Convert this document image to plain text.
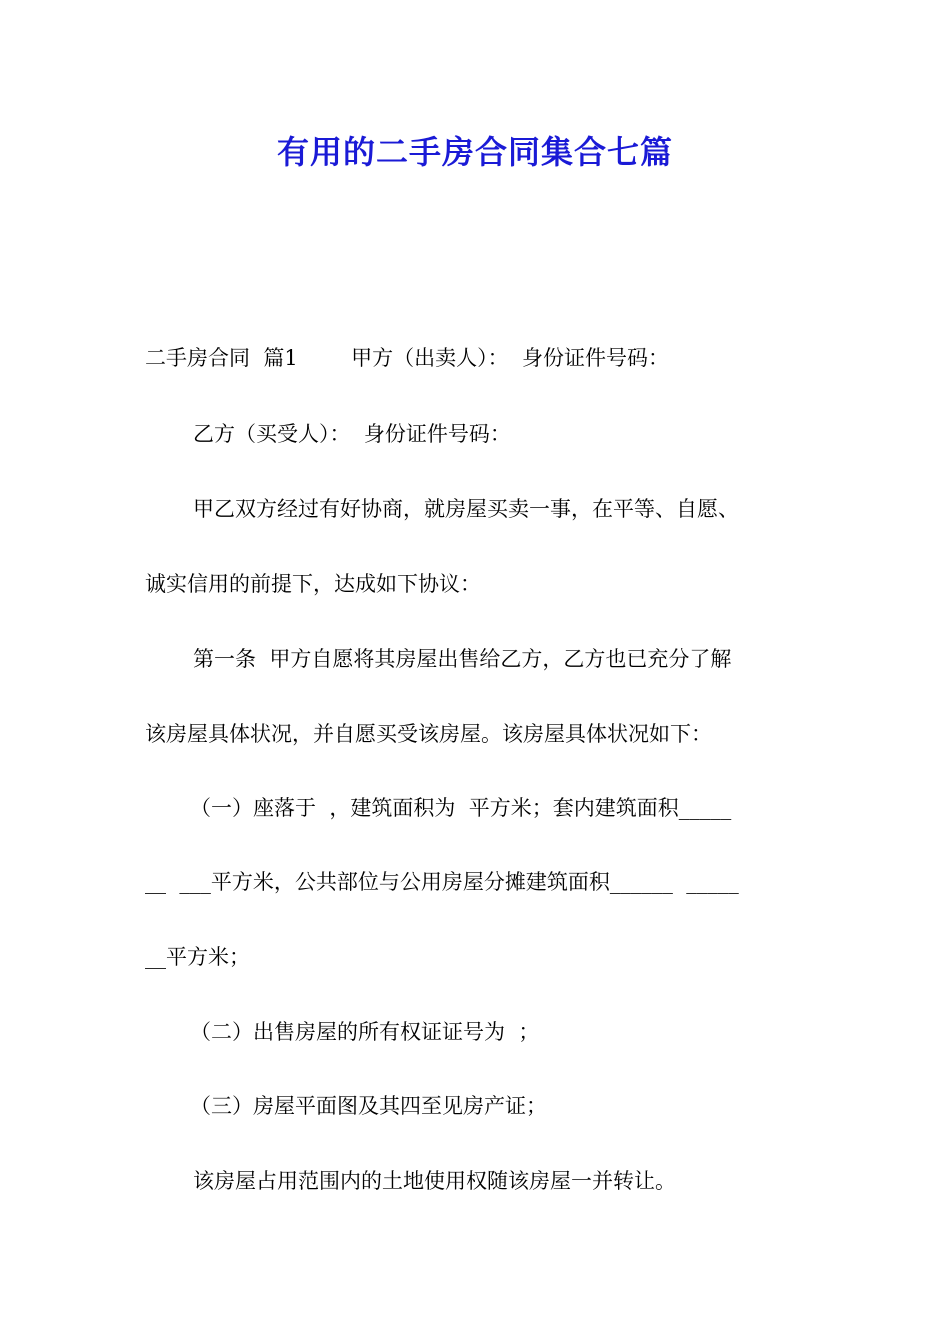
有用的二手房合同集合七篇
二手房合同  篇1        甲方（出卖人）：  身份证件号码：
乙方（买受人）：  身份证件号码：
甲乙双方经过有好协商，就房屋买卖一事，在平等、自愿、
诚实信用的前提下，达成如下协议：
第一条  甲方自愿将其房屋出售给乙方，乙方也已充分了解
该房屋具体状况，并自愿买受该房屋。该房屋具体状况如下：
（一）座落于  ，建筑面积为  平方米；套内建筑面积_____
__  ___平方米，公共部位与公用房屋分摊建筑面积______  _____
__平方米；
（二）出售房屋的所有权证证号为  ；
（三）房屋平面图及其四至见房产证；
该房屋占用范围内的土地使用权随该房屋一并转让。
